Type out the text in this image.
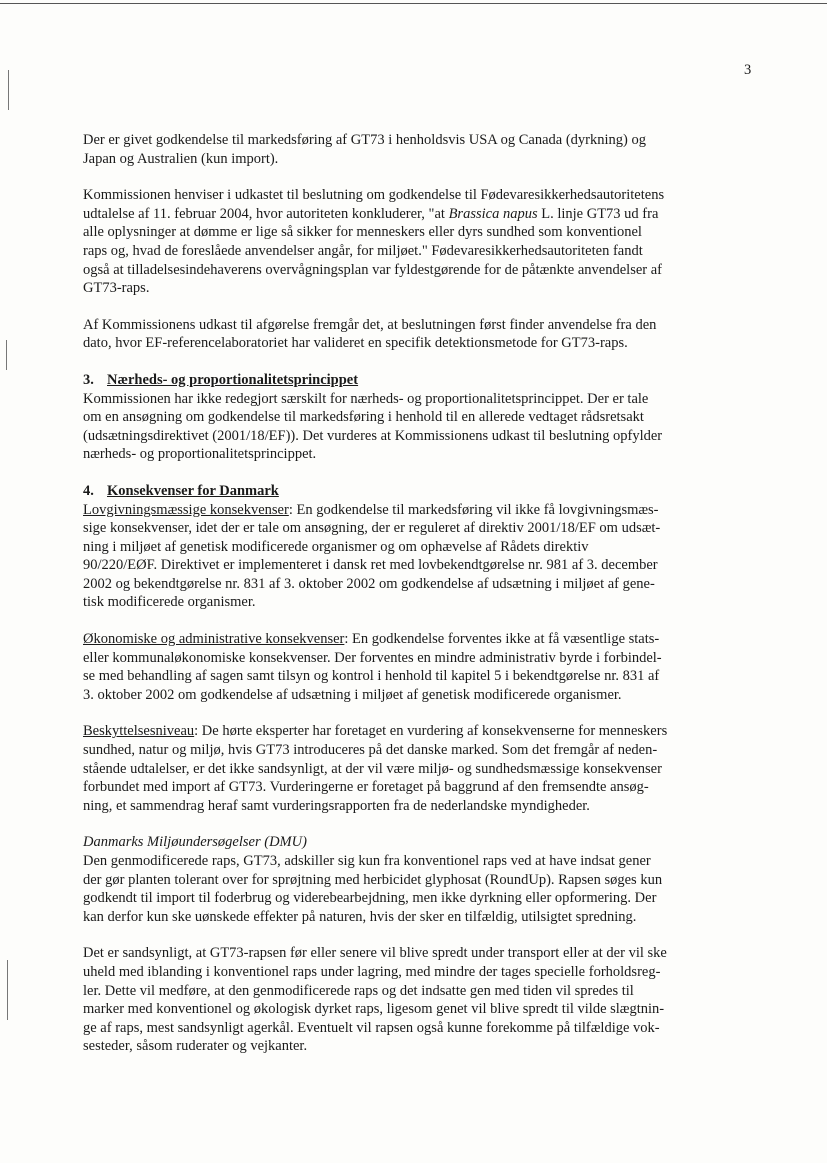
3

Der er givet godkendelse til markedsføring af GT73 i henholdsvis USA og Canada (dyrkning) og
Japan og Australien (kun import).

Kommissionen henviser i udkastet til beslutning om godkendelse til Fødevaresikkerhedsautoritetens
udtalelse af 11. februar 2004, hvor autoriteten konkluderer, "at Brassica napus L. linje GT73 ud fra
alle oplysninger at dømme er lige så sikker for menneskers eller dyrs sundhed som konventionel
raps og, hvad de foreslåede anvendelser angår, for miljøet." Fødevaresikkerhedsautoriteten fandt
også at tilladelsesindehaverens overvågningsplan var fyldestgørende for de påtænkte anvendelser af
GT73-raps.

Af Kommissionens udkast til afgørelse fremgår det, at beslutningen først finder anvendelse fra den
dato, hvor EF-referencelaboratoriet har valideret en specifik detektionsmetode for GT73-raps.

3. Nærheds- og proportionalitetsprincippet

Kommissionen har ikke redegjort særskilt for nærheds- og proportionalitetsprincippet. Der er tale
om en ansøgning om godkendelse til markedsføring i henhold til en allerede vedtaget rådsretsakt
(udsætningsdirektivet (2001/18/EF)). Det vurderes at Kommissionens udkast til beslutning opfylder
nærheds- og proportionalitetsprincippet.

4. Konsekvenser for Danmark

Lovgivningsmæssige konsekvenser: En godkendelse til markedsføring vil ikke få lovgivningsmæs-
sige konsekvenser, idet der er tale om ansøgning, der er reguleret af direktiv 2001/18/EF om udsæt-
ning i miljøet af genetisk modificerede organismer og om ophævelse af Rådets direktiv
90/220/EØF. Direktivet er implementeret i dansk ret med lovbekendtgørelse nr. 981 af 3. december
2002 og bekendtgørelse nr. 831 af 3. oktober 2002 om godkendelse af udsætning i miljøet af gene-
tisk modificerede organismer.

Økonomiske og administrative konsekvenser: En godkendelse forventes ikke at få væsentlige stats-
eller kommunaløkonomiske konsekvenser. Der forventes en mindre administrativ byrde i forbindel-
se med behandling af sagen samt tilsyn og kontrol i henhold til kapitel 5 i bekendtgørelse nr. 831 af
3. oktober 2002 om godkendelse af udsætning i miljøet af genetisk modificerede organismer.

Beskyttelsesniveau: De hørte eksperter har foretaget en vurdering af konsekvenserne for menneskers
sundhed, natur og miljø, hvis GT73 introduceres på det danske marked. Som det fremgår af neden-
stående udtalelser, er det ikke sandsynligt, at der vil være miljø- og sundhedsmæssige konsekvenser
forbundet med import af GT73. Vurderingerne er foretaget på baggrund af den fremsendte ansøg-
ning, et sammendrag heraf samt vurderingsrapporten fra de nederlandske myndigheder.

Danmarks Miljøundersøgelser (DMU)
Den genmodificerede raps, GT73, adskiller sig kun fra konventionel raps ved at have indsat gener
der gør planten tolerant over for sprøjtning med herbicidet glyphosat (RoundUp). Rapsen søges kun
godkendt til import til foderbrug og viderebearbejdning, men ikke dyrkning eller opformering. Der
kan derfor kun ske uønskede effekter på naturen, hvis der sker en tilfældig, utilsigtet spredning.

Det er sandsynligt, at GT73-rapsen før eller senere vil blive spredt under transport eller at der vil ske
uheld med iblanding i konventionel raps under lagring, med mindre der tages specielle forholdsreg-
ler. Dette vil medføre, at den genmodificerede raps og det indsatte gen med tiden vil spredes til
marker med konventionel og økologisk dyrket raps, ligesom genet vil blive spredt til vilde slægtnin-
ge af raps, mest sandsynligt agerkål. Eventuelt vil rapsen også kunne forekomme på tilfældige vok-
sesteder, såsom ruderater og vejkanter.
